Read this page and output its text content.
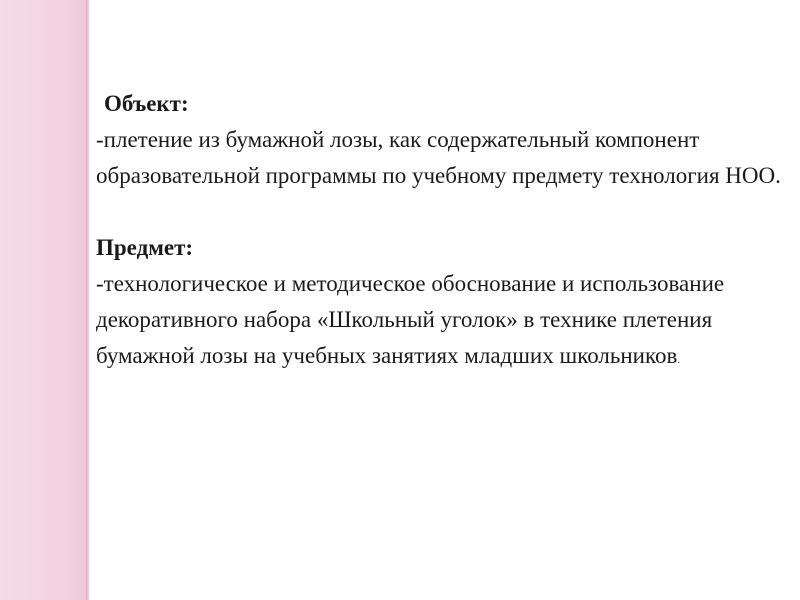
Объект:

-плетение из бумажной лозы, как содержательный компонент образовательной программы по учебному предмету технология НОО.

Предмет:

-технологическое и методическое обоснование и использование декоративного набора «Школьный уголок» в технике плетения бумажной лозы на учебных занятиях младших школьников.
